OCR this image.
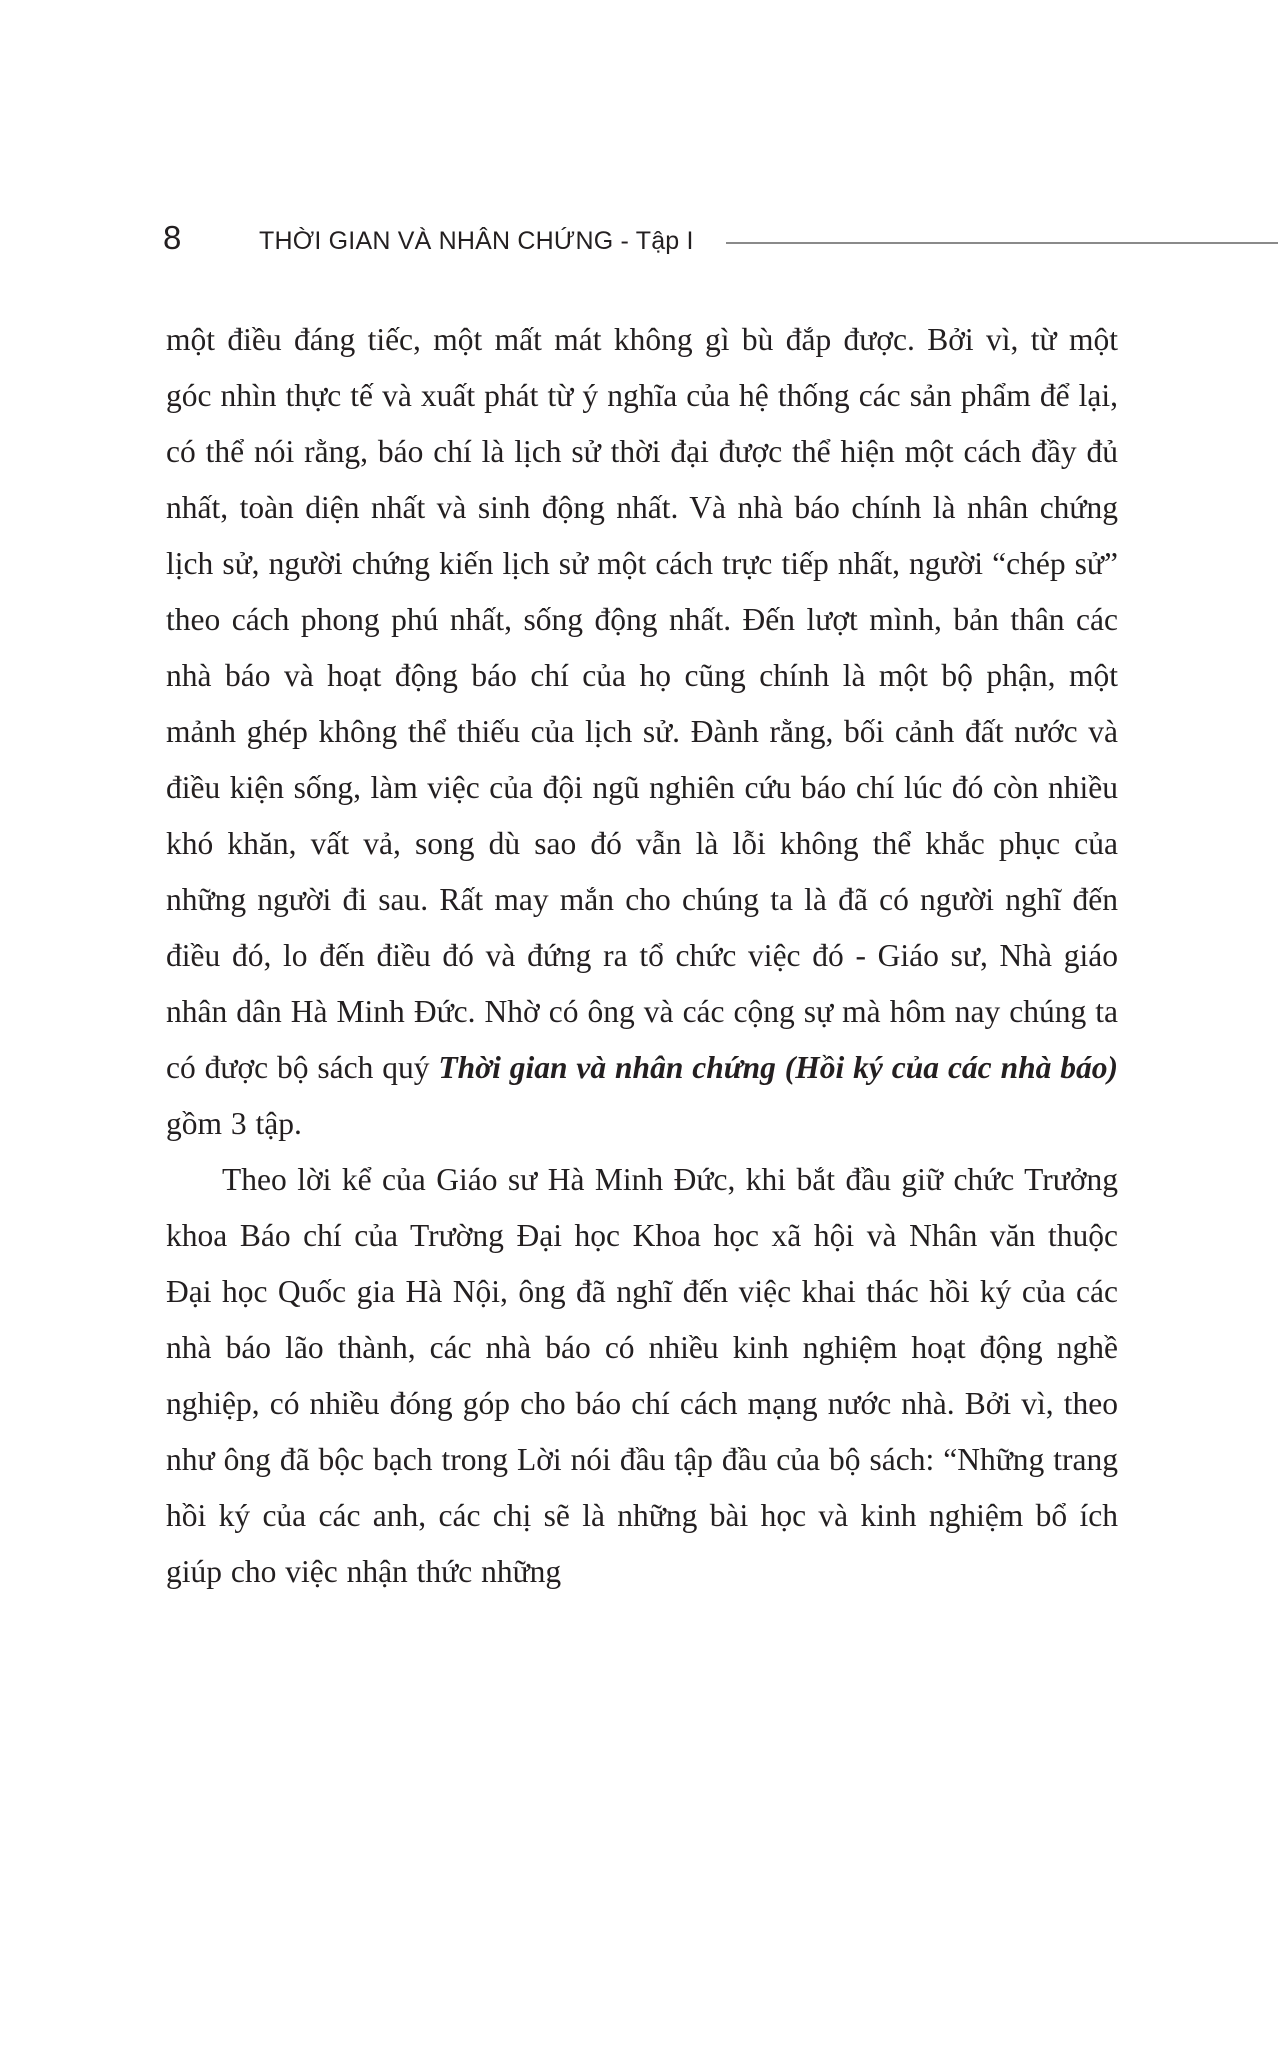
8	THỜI GIAN VÀ NHÂN CHỨNG - Tập I

một điều đáng tiếc, một mất mát không gì bù đắp được. Bởi vì, từ một góc nhìn thực tế và xuất phát từ ý nghĩa của hệ thống các sản phẩm để lại, có thể nói rằng, báo chí là lịch sử thời đại được thể hiện một cách đầy đủ nhất, toàn diện nhất và sinh động nhất. Và nhà báo chính là nhân chứng lịch sử, người chứng kiến lịch sử một cách trực tiếp nhất, người “chép sử” theo cách phong phú nhất, sống động nhất. Đến lượt mình, bản thân các nhà báo và hoạt động báo chí của họ cũng chính là một bộ phận, một mảnh ghép không thể thiếu của lịch sử. Đành rằng, bối cảnh đất nước và điều kiện sống, làm việc của đội ngũ nghiên cứu báo chí lúc đó còn nhiều khó khăn, vất vả, song dù sao đó vẫn là lỗi không thể khắc phục của những người đi sau. Rất may mắn cho chúng ta là đã có người nghĩ đến điều đó, lo đến điều đó và đứng ra tổ chức việc đó - Giáo sư, Nhà giáo nhân dân Hà Minh Đức. Nhờ có ông và các cộng sự mà hôm nay chúng ta có được bộ sách quý Thời gian và nhân chứng (Hồi ký của các nhà báo) gồm 3 tập.

Theo lời kể của Giáo sư Hà Minh Đức, khi bắt đầu giữ chức Trưởng khoa Báo chí của Trường Đại học Khoa học xã hội và Nhân văn thuộc Đại học Quốc gia Hà Nội, ông đã nghĩ đến việc khai thác hồi ký của các nhà báo lão thành, các nhà báo có nhiều kinh nghiệm hoạt động nghề nghiệp, có nhiều đóng góp cho báo chí cách mạng nước nhà. Bởi vì, theo như ông đã bộc bạch trong Lời nói đầu tập đầu của bộ sách: “Những trang hồi ký của các anh, các chị sẽ là những bài học và kinh nghiệm bổ ích giúp cho việc nhận thức những
